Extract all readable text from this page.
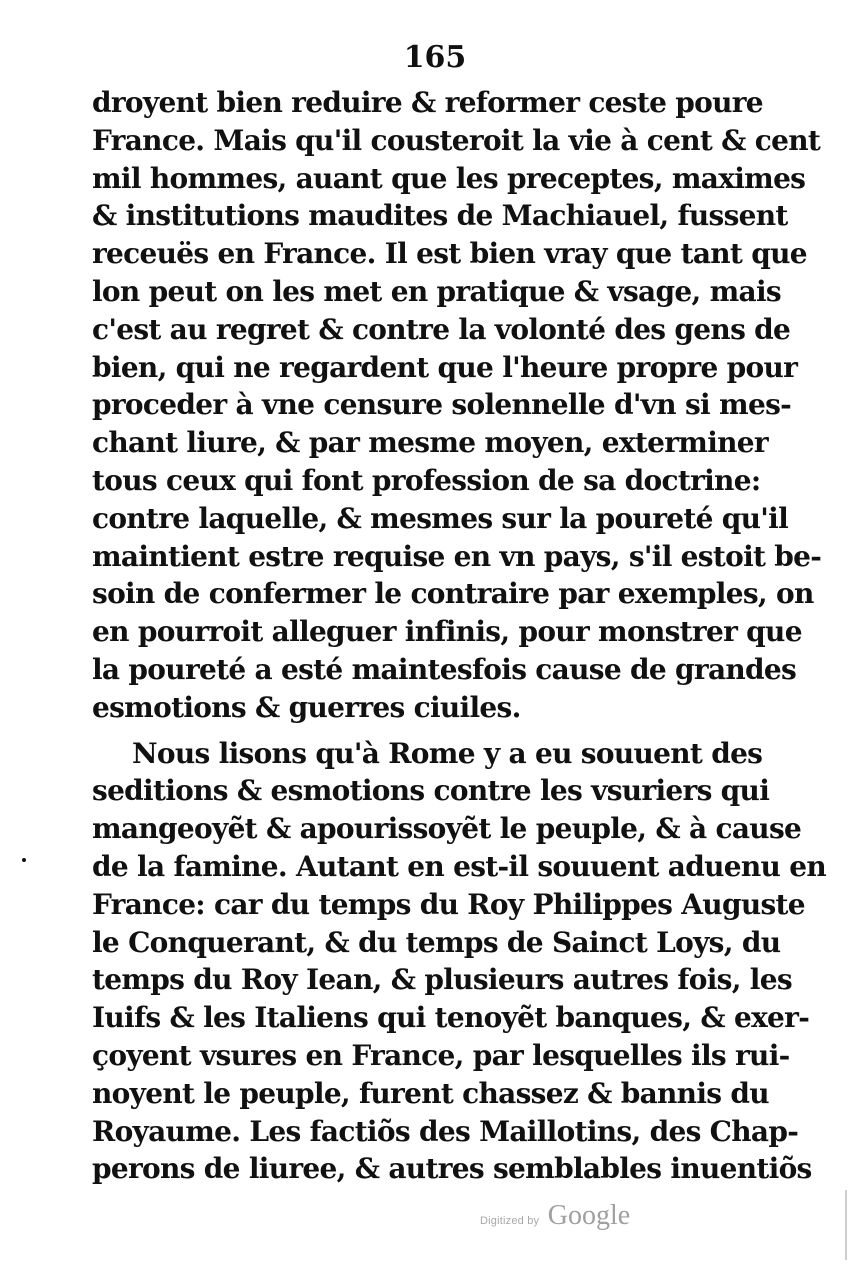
165
droyent bien reduire & reformer ceste poure
France. Mais qu'il cousteroit la vie à cent & cent
mil hommes, auant que les preceptes, maximes
& institutions maudites de Machiauel, fussent
receuës en France. Il est bien vray que tant que
lon peut on les met en pratique & vsage, mais
c'est au regret & contre la volonté des gens de
bien, qui ne regardent que l'heure propre pour
proceder à vne censure solennelle d'vn si mes-
chant liure, & par mesme moyen, exterminer
tous ceux qui font profession de sa doctrine:
contre laquelle, & mesmes sur la poureté qu'il
maintient estre requise en vn pays, s'il estoit be-
soin de confermer le contraire par exemples, on
en pourroit alleguer infinis, pour monstrer que
la poureté a esté maintesfois cause de grandes
esmotions & guerres ciuiles.
Nous lisons qu'à Rome y a eu souuent des
seditions & esmotions contre les vsuriers qui
mangeoyẽt & apourissoyẽt le peuple, & à cause
de la famine. Autant en est-il souuent aduenu en
France: car du temps du Roy Philippes Auguste
le Conquerant, & du temps de Sainct Loys, du
temps du Roy Iean, & plusieurs autres fois, les
Iuifs & les Italiens qui tenoyẽt banques, & exer-
çoyent vsures en France, par lesquelles ils rui-
noyent le peuple, furent chassez & bannis du
Royaume. Les factiõs des Maillotins, des Chap-
perons de liuree, & autres semblables inuentiõs
Digitized by Google
